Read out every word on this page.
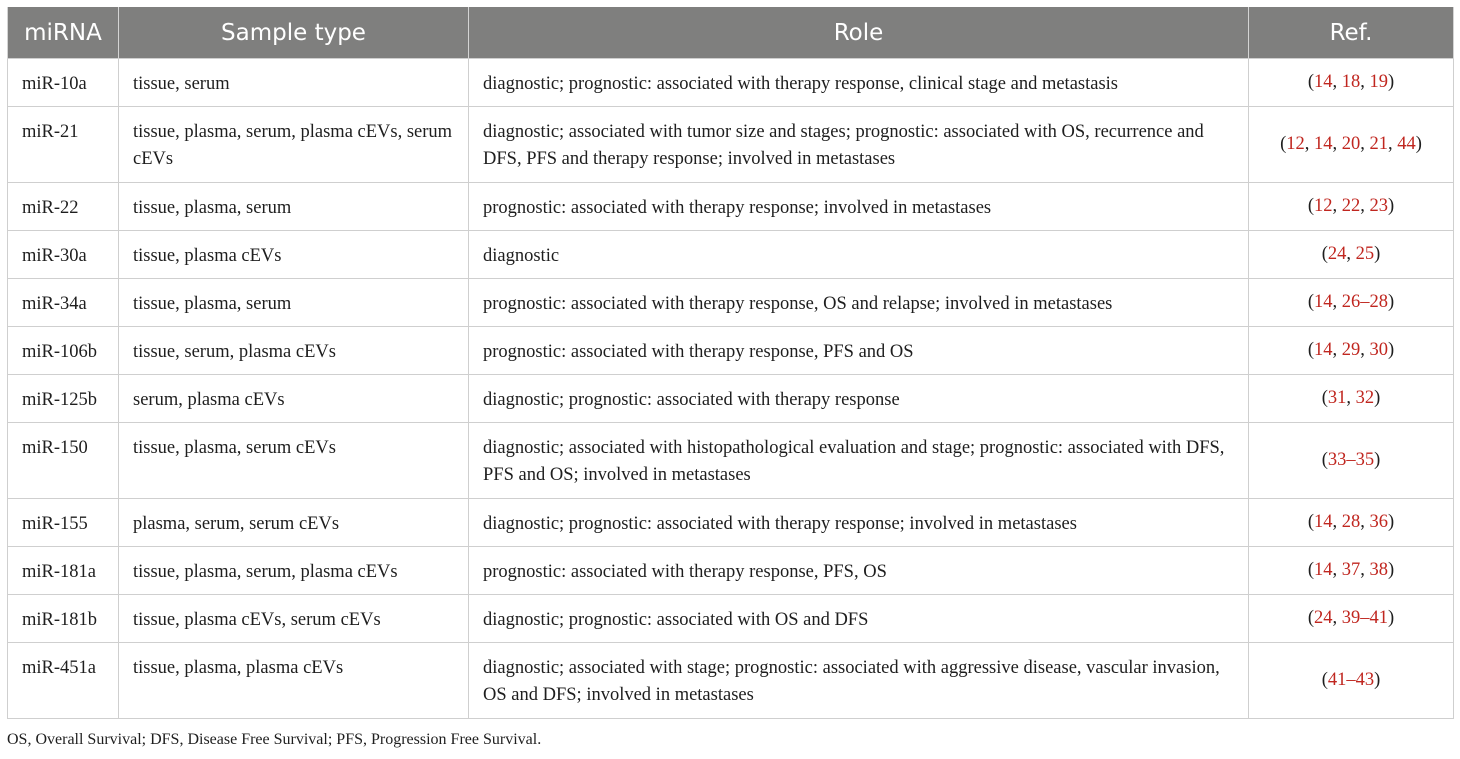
miRNA	Sample type	Role	Ref.
miR-10a	tissue, serum	diagnostic; prognostic: associated with therapy response, clinical stage and metastasis	(14, 18, 19)
miR-21	tissue, plasma, serum, plasma cEVs, serum cEVs	diagnostic; associated with tumor size and stages; prognostic: associated with OS, recurrence and DFS, PFS and therapy response; involved in metastases	(12, 14, 20, 21, 44)
miR-22	tissue, plasma, serum	prognostic: associated with therapy response; involved in metastases	(12, 22, 23)
miR-30a	tissue, plasma cEVs	diagnostic	(24, 25)
miR-34a	tissue, plasma, serum	prognostic: associated with therapy response, OS and relapse; involved in metastases	(14, 26–28)
miR-106b	tissue, serum, plasma cEVs	prognostic: associated with therapy response, PFS and OS	(14, 29, 30)
miR-125b	serum, plasma cEVs	diagnostic; prognostic: associated with therapy response	(31, 32)
miR-150	tissue, plasma, serum cEVs	diagnostic; associated with histopathological evaluation and stage; prognostic: associated with DFS, PFS and OS; involved in metastases	(33–35)
miR-155	plasma, serum, serum cEVs	diagnostic; prognostic: associated with therapy response; involved in metastases	(14, 28, 36)
miR-181a	tissue, plasma, serum, plasma cEVs	prognostic: associated with therapy response, PFS, OS	(14, 37, 38)
miR-181b	tissue, plasma cEVs, serum cEVs	diagnostic; prognostic: associated with OS and DFS	(24, 39–41)
miR-451a	tissue, plasma, plasma cEVs	diagnostic; associated with stage; prognostic: associated with aggressive disease, vascular invasion, OS and DFS; involved in metastases	(41–43)
OS, Overall Survival; DFS, Disease Free Survival; PFS, Progression Free Survival.
